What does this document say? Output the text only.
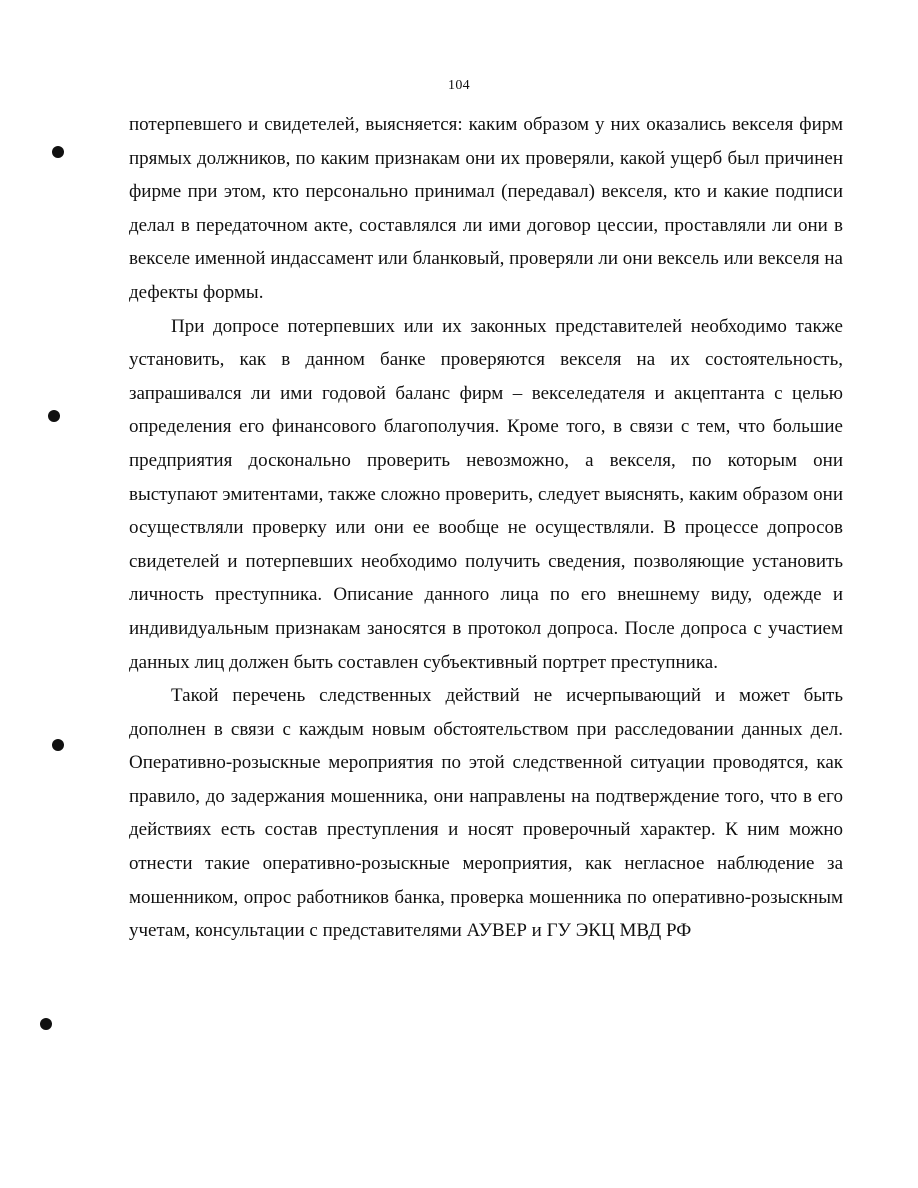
104

потерпевшего и свидетелей, выясняется: каким образом у них оказались векселя фирм прямых должников, по каким признакам они их проверяли, какой ущерб был причинен фирме при этом, кто персонально принимал (передавал) векселя, кто и какие подписи делал в передаточном акте, составлялся ли ими договор цессии, проставляли ли они в векселе именной индассамент или бланковый, проверяли ли они вексель или векселя на дефекты формы.

При допросе потерпевших или их законных представителей необходимо также установить, как в данном банке проверяются векселя на их состоятельность, запрашивался ли ими годовой баланс фирм – векселедателя и акцептанта с целью определения его финансового благополучия. Кроме того, в связи с тем, что большие предприятия досконально проверить невозможно, а векселя, по которым они выступают эмитентами, также сложно проверить, следует выяснять, каким образом они осуществляли проверку или они ее вообще не осуществляли. В процессе допросов свидетелей и потерпевших необходимо получить сведения, позволяющие установить личность преступника. Описание данного лица по его внешнему виду, одежде и индивидуальным признакам заносятся в протокол допроса. После допроса с участием данных лиц должен быть составлен субъективный портрет преступника.

Такой перечень следственных действий не исчерпывающий и может быть дополнен в связи с каждым новым обстоятельством при расследовании данных дел. Оперативно-розыскные мероприятия по этой следственной ситуации проводятся, как правило, до задержания мошенника, они направлены на подтверждение того, что в его действиях есть состав преступления и носят проверочный характер. К ним можно отнести такие оперативно-розыскные мероприятия, как негласное наблюдение за мошенником, опрос работников банка, проверка мошенника по оперативно-розыскным учетам, консультации с представителями АУВЕР и ГУ ЭКЦ МВД РФ
